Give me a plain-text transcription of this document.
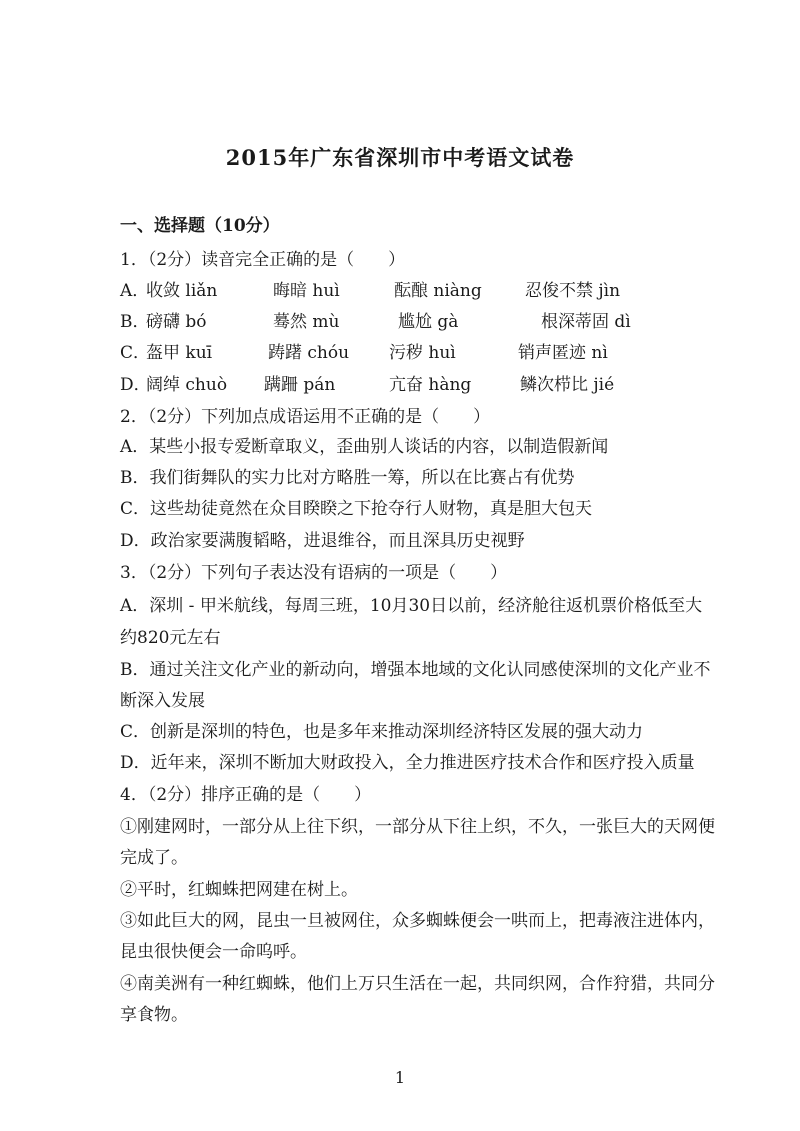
2015年广东省深圳市中考语文试卷
一、选择题（10分）
1．（2分）读音完全正确的是（　　）
A．
收敛 liǎn	晦暗 huì	酝酿 niàng	忍俊不禁 jìn
B．
磅礴 bó	蓦然 mù	尴尬 gà	根深蒂固 dì
C．
盔甲 kuī	踌躇 chóu 污秽 huì	销声匿迹 nì
D．
阔绰 chuò 蹒跚 pán	亢奋 hàng	鳞次栉比 jié
2．（2分）下列加点成语运用不正确的是（　　）
A．某些小报专爱断章取义，歪曲别人谈话的内容，以制造假新闻
B．我们街舞队的实力比对方略胜一筹，所以在比赛占有优势
C．这些劫徒竟然在众目睽睽之下抢夺行人财物，真是胆大包天
D．政治家要满腹韬略，进退维谷，而且深具历史视野
3．（2分）下列句子表达没有语病的一项是（　　）
A．深圳 - 甲米航线，每周三班，10月30日以前，经济舱往返机票价格低至大
约820元左右
B．通过关注文化产业的新动向，增强本地域的文化认同感使深圳的文化产业不
断深入发展
C．创新是深圳的特色，也是多年来推动深圳经济特区发展的强大动力
D．近年来，深圳不断加大财政投入，全力推进医疗技术合作和医疗投入质量
4．（2分）排序正确的是（　　）
①刚建网时，一部分从上往下织，一部分从下往上织，不久，一张巨大的天网便
完成了。
②平时，红蜘蛛把网建在树上。
③如此巨大的网，昆虫一旦被网住，众多蜘蛛便会一哄而上，把毒液注进体内，
昆虫很快便会一命呜呼。
④南美洲有一种红蜘蛛，他们上万只生活在一起，共同织网，合作狩猎，共同分
享食物。
1
